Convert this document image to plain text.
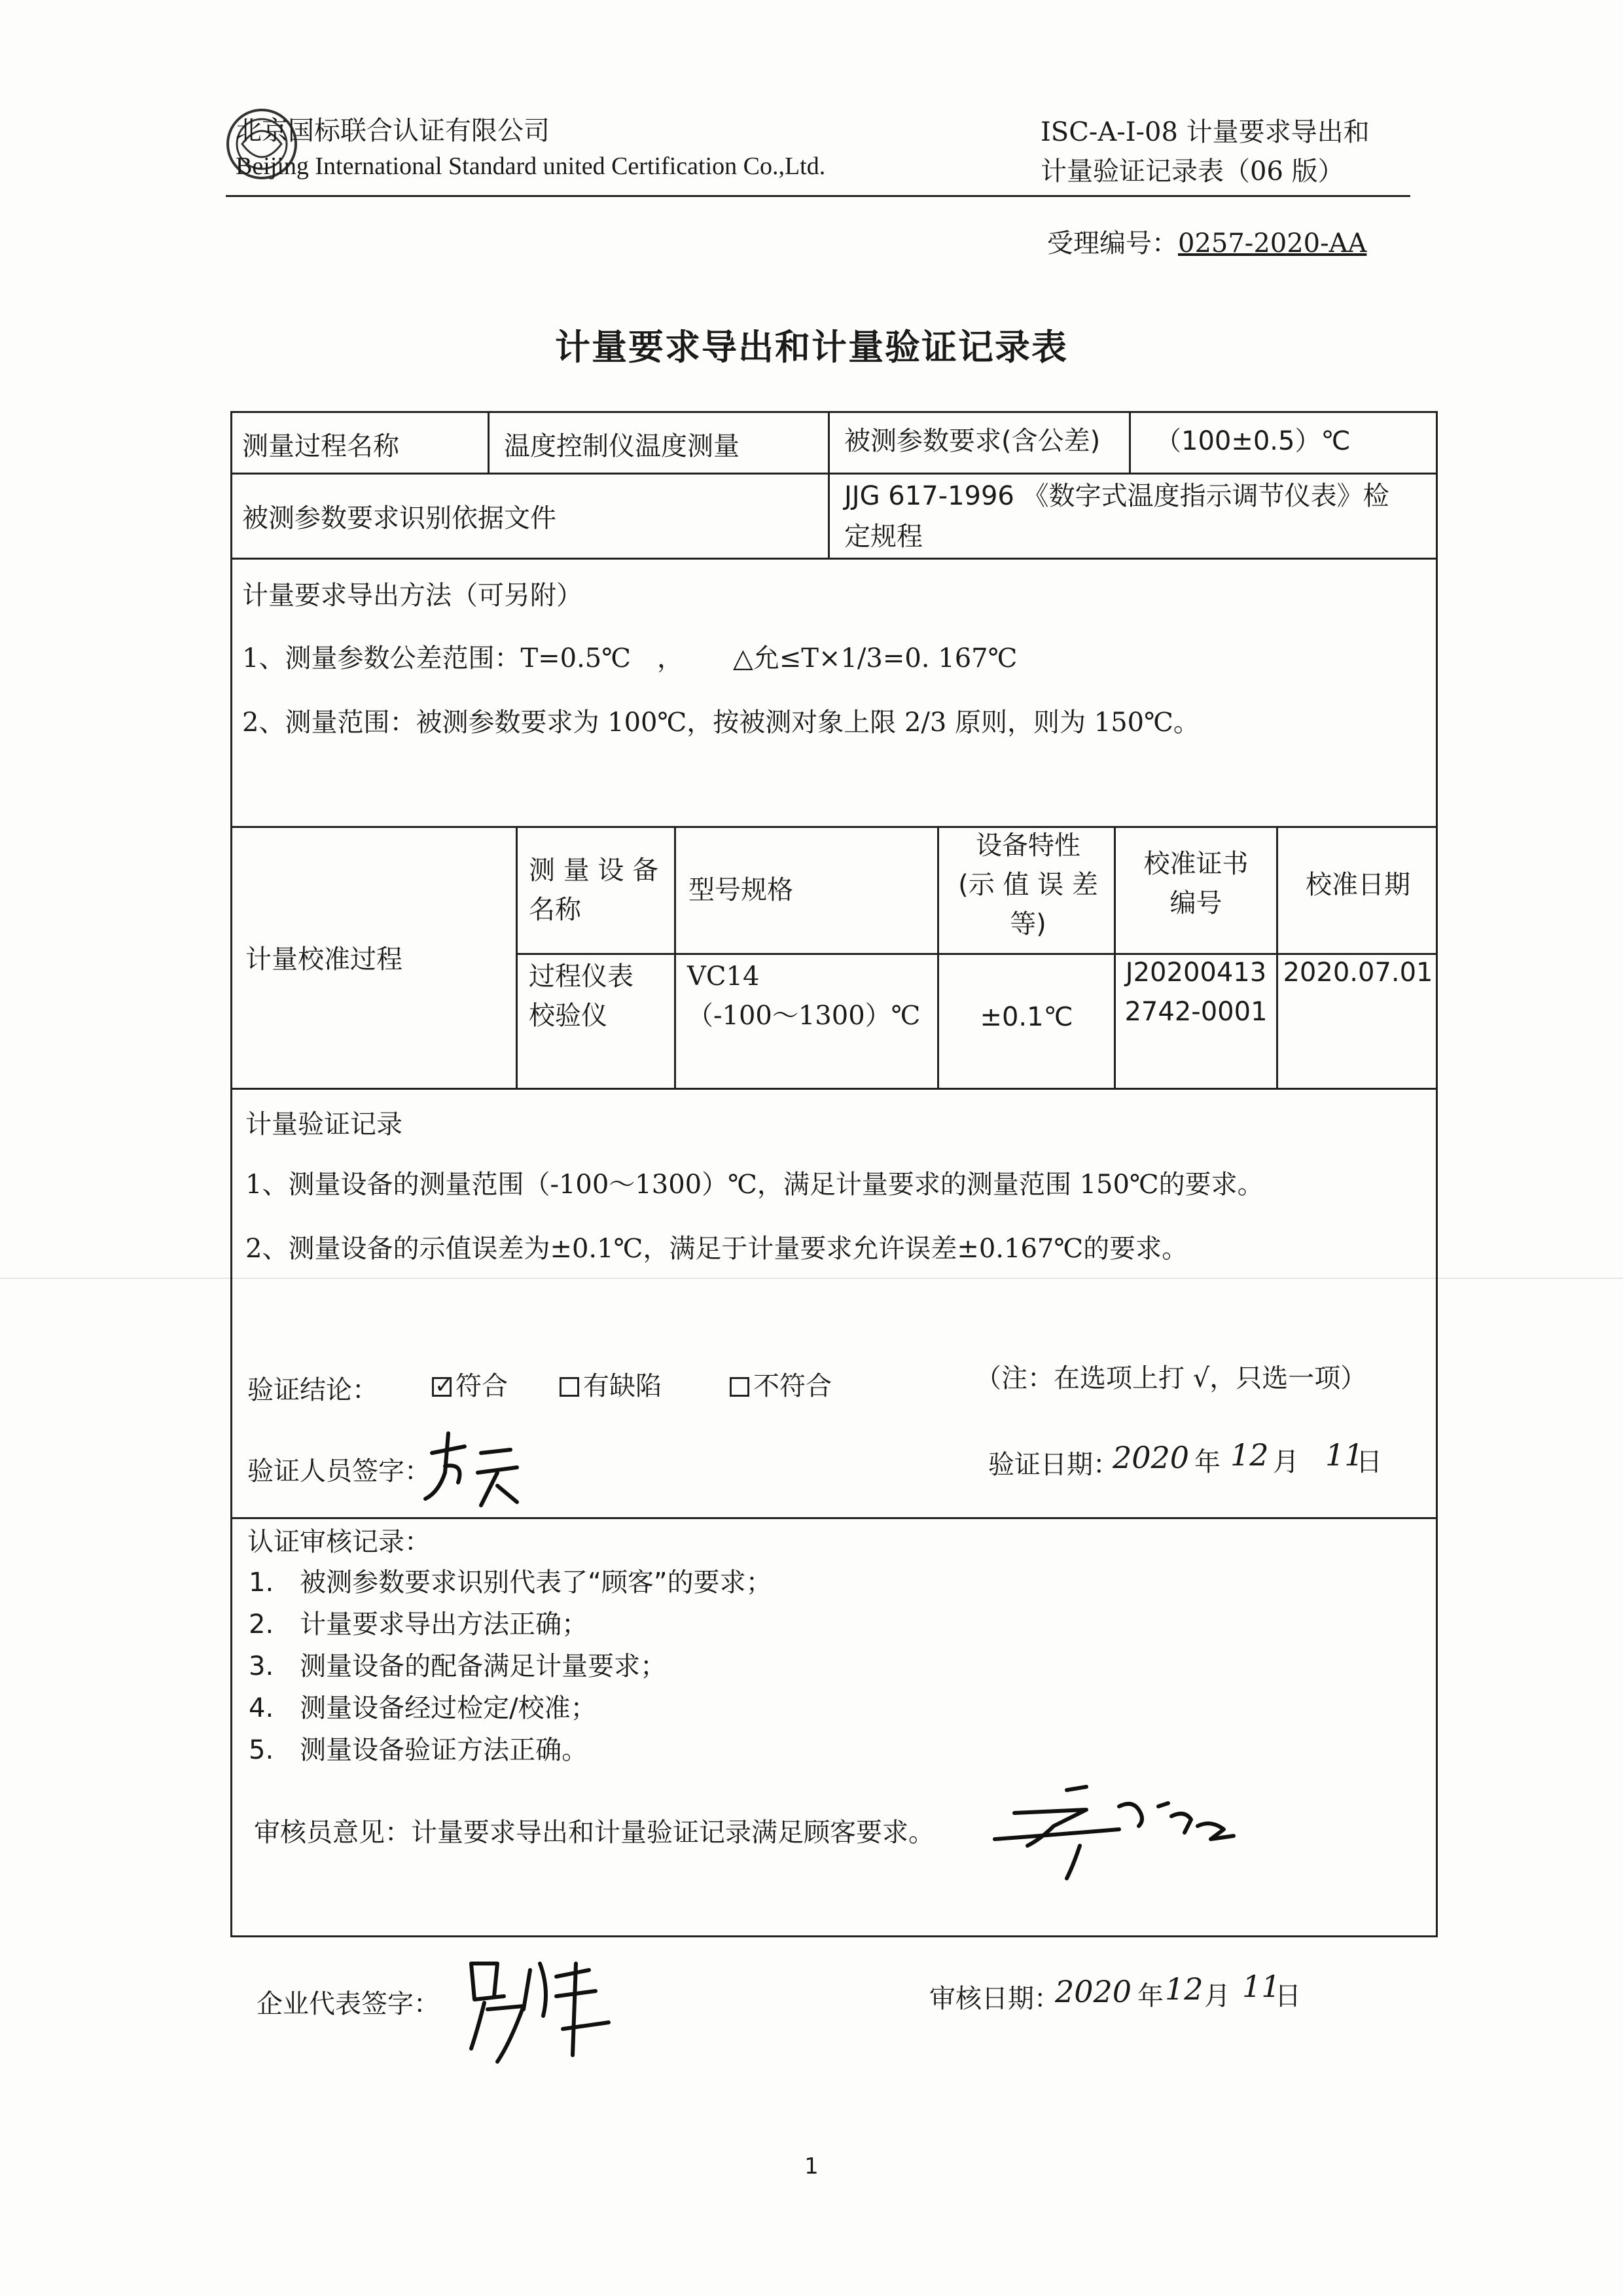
北京国标联合认证有限公司
Beijing International Standard united Certification Co.,Ltd.
ISC-A-I-08 计量要求导出和
计量验证记录表（06 版）
受理编号：0257-2020-AA
计量要求导出和计量验证记录表
测量过程名称	温度控制仪温度测量	被测参数要求(含公差) （100±0.5）℃
被测参数要求识别依据文件
JJG 617-1996 《数字式温度指示调节仪表》检
定规程
计量要求导出方法（可另附）
1、测量参数公差范围：T=0.5℃　， △允≤T×1/3=0. 167℃
2、测量范围：被测参数要求为 100℃，按被测对象上限 2/3 原则，则为 150℃。
计量校准过程
测 量 设 备
名称
型号规格
设备特性
(示 值 误 差
等)
校准证书
编号
校准日期
过程仪表
校验仪
VC14
（-100～1300）℃	±0.1℃
J20200413
2742-0001
2020.07.01
计量验证记录
1、测量设备的测量范围（-100～1300）℃，满足计量要求的测量范围 150℃的要求。
2、测量设备的示值误差为±0.1℃，满足于计量要求允许误差±0.167℃的要求。
验证结论：
✓	符合	有缺陷	不符合	（注：在选项上打 √，只选一项）
验证人员签字：	验证日期：
2020 年 12 月 11
日
认证审核记录：
1.　被测参数要求识别代表了“顾客”的要求；
2.　计量要求导出方法正确；
3.　测量设备的配备满足计量要求；
4.　测量设备经过检定/校准；
5.　测量设备验证方法正确。
审核员意见：计量要求导出和计量验证记录满足顾客要求。
企业代表签字：	审核日期：
2020 年 12 月 11
日
1
